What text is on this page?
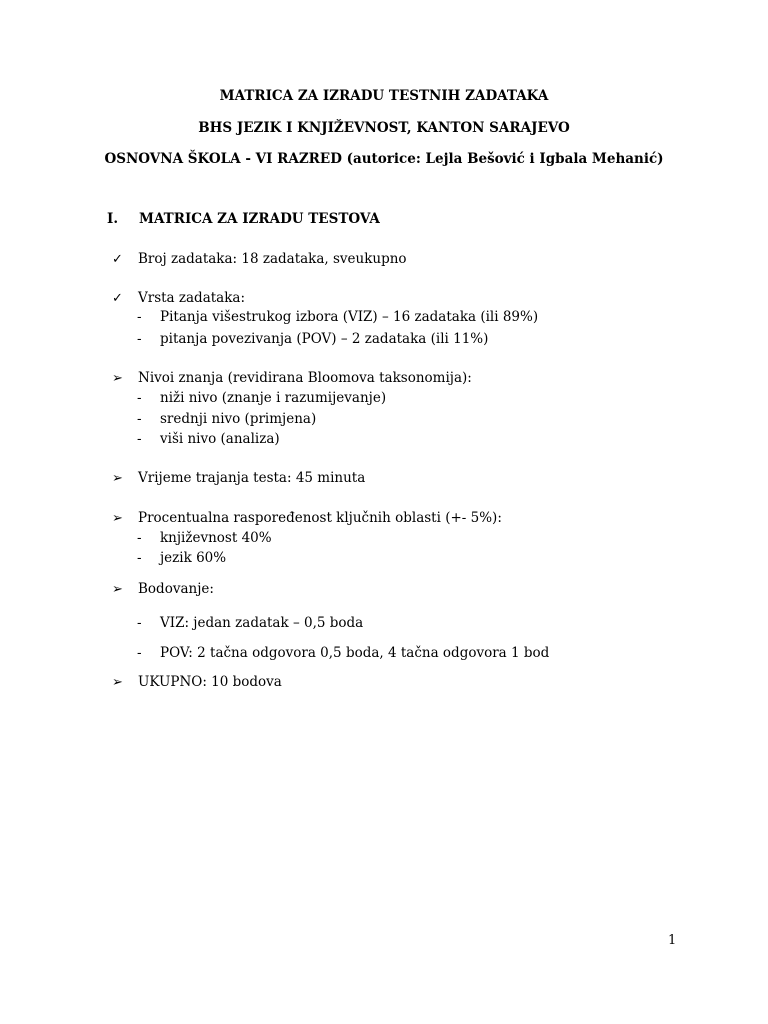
MATRICA ZA IZRADU TESTNIH ZADATAKA
BHS JEZIK I KNJIŽEVNOST, KANTON SARAJEVO
OSNOVNA ŠKOLA - VI RAZRED (autorice: Lejla Bešović i Igbala Mehanić)
I. MATRICA ZA IZRADU TESTOVA
✓ Broj zadataka: 18 zadataka, sveukupno
✓ Vrsta zadataka:
- Pitanja višestrukog izbora (VIZ) – 16 zadataka (ili 89%)
- pitanja povezivanja (POV) – 2 zadataka (ili 11%)
➢ Nivoi znanja (revidirana Bloomova taksonomija):
- niži nivo (znanje i razumijevanje)
- srednji nivo (primjena)
- viši nivo (analiza)
➢ Vrijeme trajanja testa: 45 minuta
➢ Procentualna raspoređenost ključnih oblasti (+- 5%):
- književnost 40%
- jezik 60%
➢ Bodovanje:
- VIZ: jedan zadatak – 0,5 boda
- POV: 2 tačna odgovora 0,5 boda, 4 tačna odgovora 1 bod
➢ UKUPNO: 10 bodova
1
